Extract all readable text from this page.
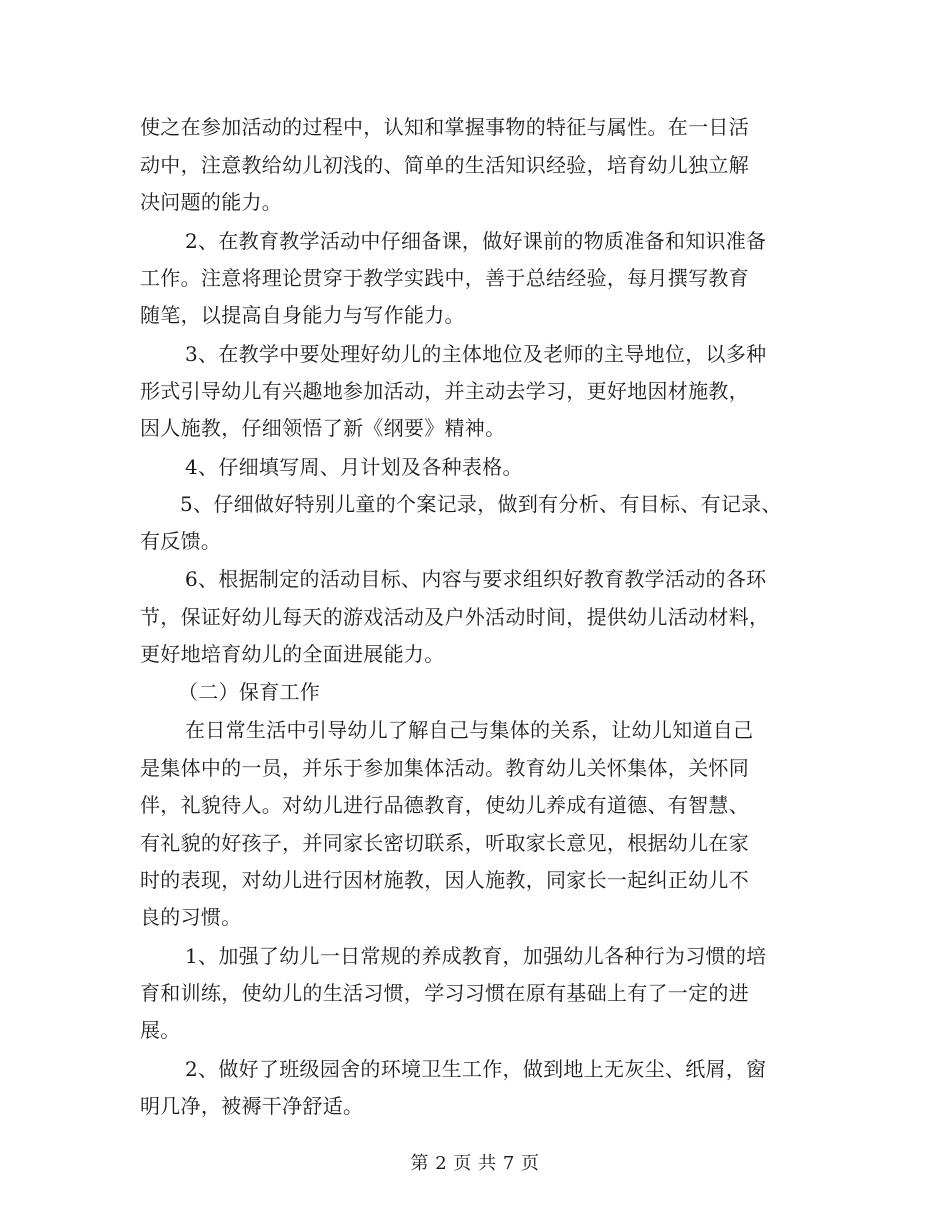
使之在参加活动的过程中，认知和掌握事物的特征与属性。在一日活
动中，注意教给幼儿初浅的、简单的生活知识经验，培育幼儿独立解
决问题的能力。
2、在教育教学活动中仔细备课，做好课前的物质准备和知识准备
工作。注意将理论贯穿于教学实践中，善于总结经验，每月撰写教育
随笔，以提高自身能力与写作能力。
3、在教学中要处理好幼儿的主体地位及老师的主导地位，以多种
形式引导幼儿有兴趣地参加活动，并主动去学习，更好地因材施教，
因人施教，仔细领悟了新《纲要》精神。
4、仔细填写周、月计划及各种表格。
5、仔细做好特别儿童的个案记录，做到有分析、有目标、有记录、
有反馈。
6、根据制定的活动目标、内容与要求组织好教育教学活动的各环
节，保证好幼儿每天的游戏活动及户外活动时间，提供幼儿活动材料，
更好地培育幼儿的全面进展能力。
（二）保育工作
在日常生活中引导幼儿了解自己与集体的关系，让幼儿知道自己
是集体中的一员，并乐于参加集体活动。教育幼儿关怀集体，关怀同
伴，礼貌待人。对幼儿进行品德教育，使幼儿养成有道德、有智慧、
有礼貌的好孩子，并同家长密切联系，听取家长意见，根据幼儿在家
时的表现，对幼儿进行因材施教，因人施教，同家长一起纠正幼儿不
良的习惯。
1、加强了幼儿一日常规的养成教育，加强幼儿各种行为习惯的培
育和训练，使幼儿的生活习惯，学习习惯在原有基础上有了一定的进
展。
2、做好了班级园舍的环境卫生工作，做到地上无灰尘、纸屑，窗
明几净，被褥干净舒适。
第 2 页 共 7 页
